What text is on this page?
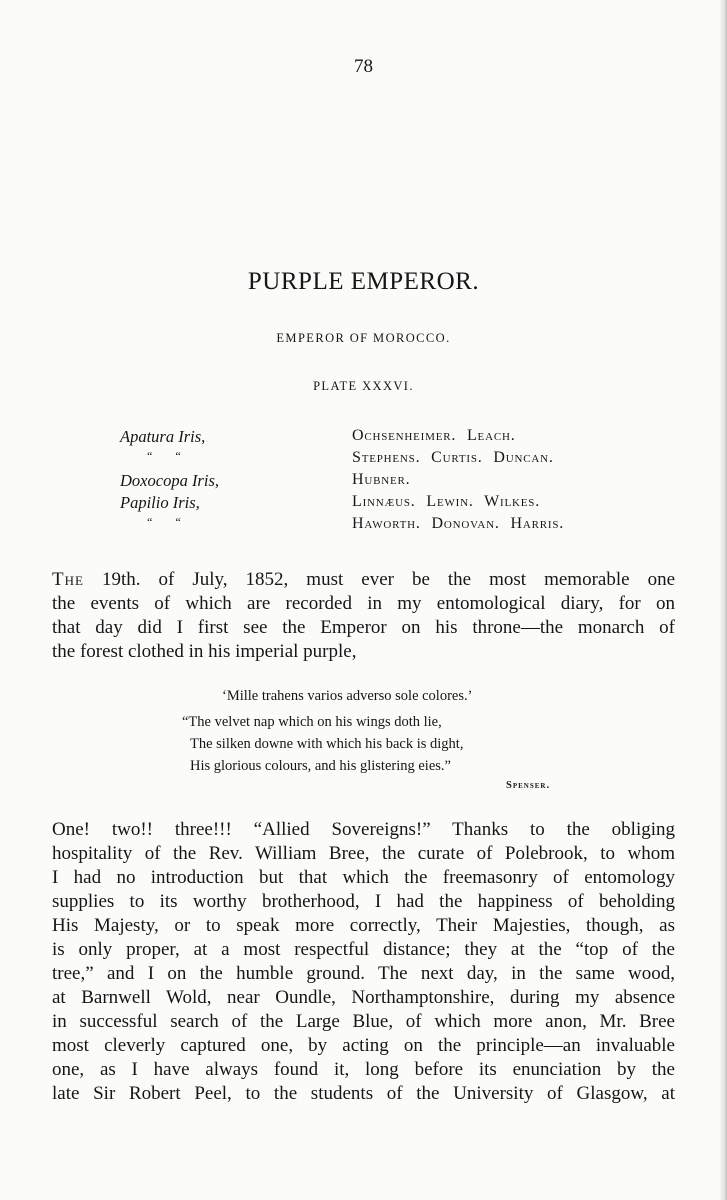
78
PURPLE EMPEROR.
EMPEROR OF MOROCCO.
PLATE XXXVI.
Apatura Iris,	Ochsenheimer. Leach.
“ “	Stephens. Curtis. Duncan.
Doxocopa Iris,	Hubner.
Papilio Iris,	Linnæus. Lewin. Wilkes.
“ “	Haworth. Donovan. Harris.
The 19th. of July, 1852, must ever be the most memorable one
the events of which are recorded in my entomological diary, for on
that day did I first see the Emperor on his throne—the monarch of
the forest clothed in his imperial purple,
‘Mille trahens varios adverso sole colores.’
“The velvet nap which on his wings doth lie,
The silken downe with which his back is dight,
His glorious colours, and his glistering eies.”
Spenser.
One! two!! three!!! “Allied Sovereigns!” Thanks to the obliging
hospitality of the Rev. William Bree, the curate of Polebrook, to whom
I had no introduction but that which the freemasonry of entomology
supplies to its worthy brotherhood, I had the happiness of beholding
His Majesty, or to speak more correctly, Their Majesties, though, as
is only proper, at a most respectful distance; they at the “top of the
tree,” and I on the humble ground. The next day, in the same wood,
at Barnwell Wold, near Oundle, Northamptonshire, during my absence
in successful search of the Large Blue, of which more anon, Mr. Bree
most cleverly captured one, by acting on the principle—an invaluable
one, as I have always found it, long before its enunciation by the
late Sir Robert Peel, to the students of the University of Glasgow, at
